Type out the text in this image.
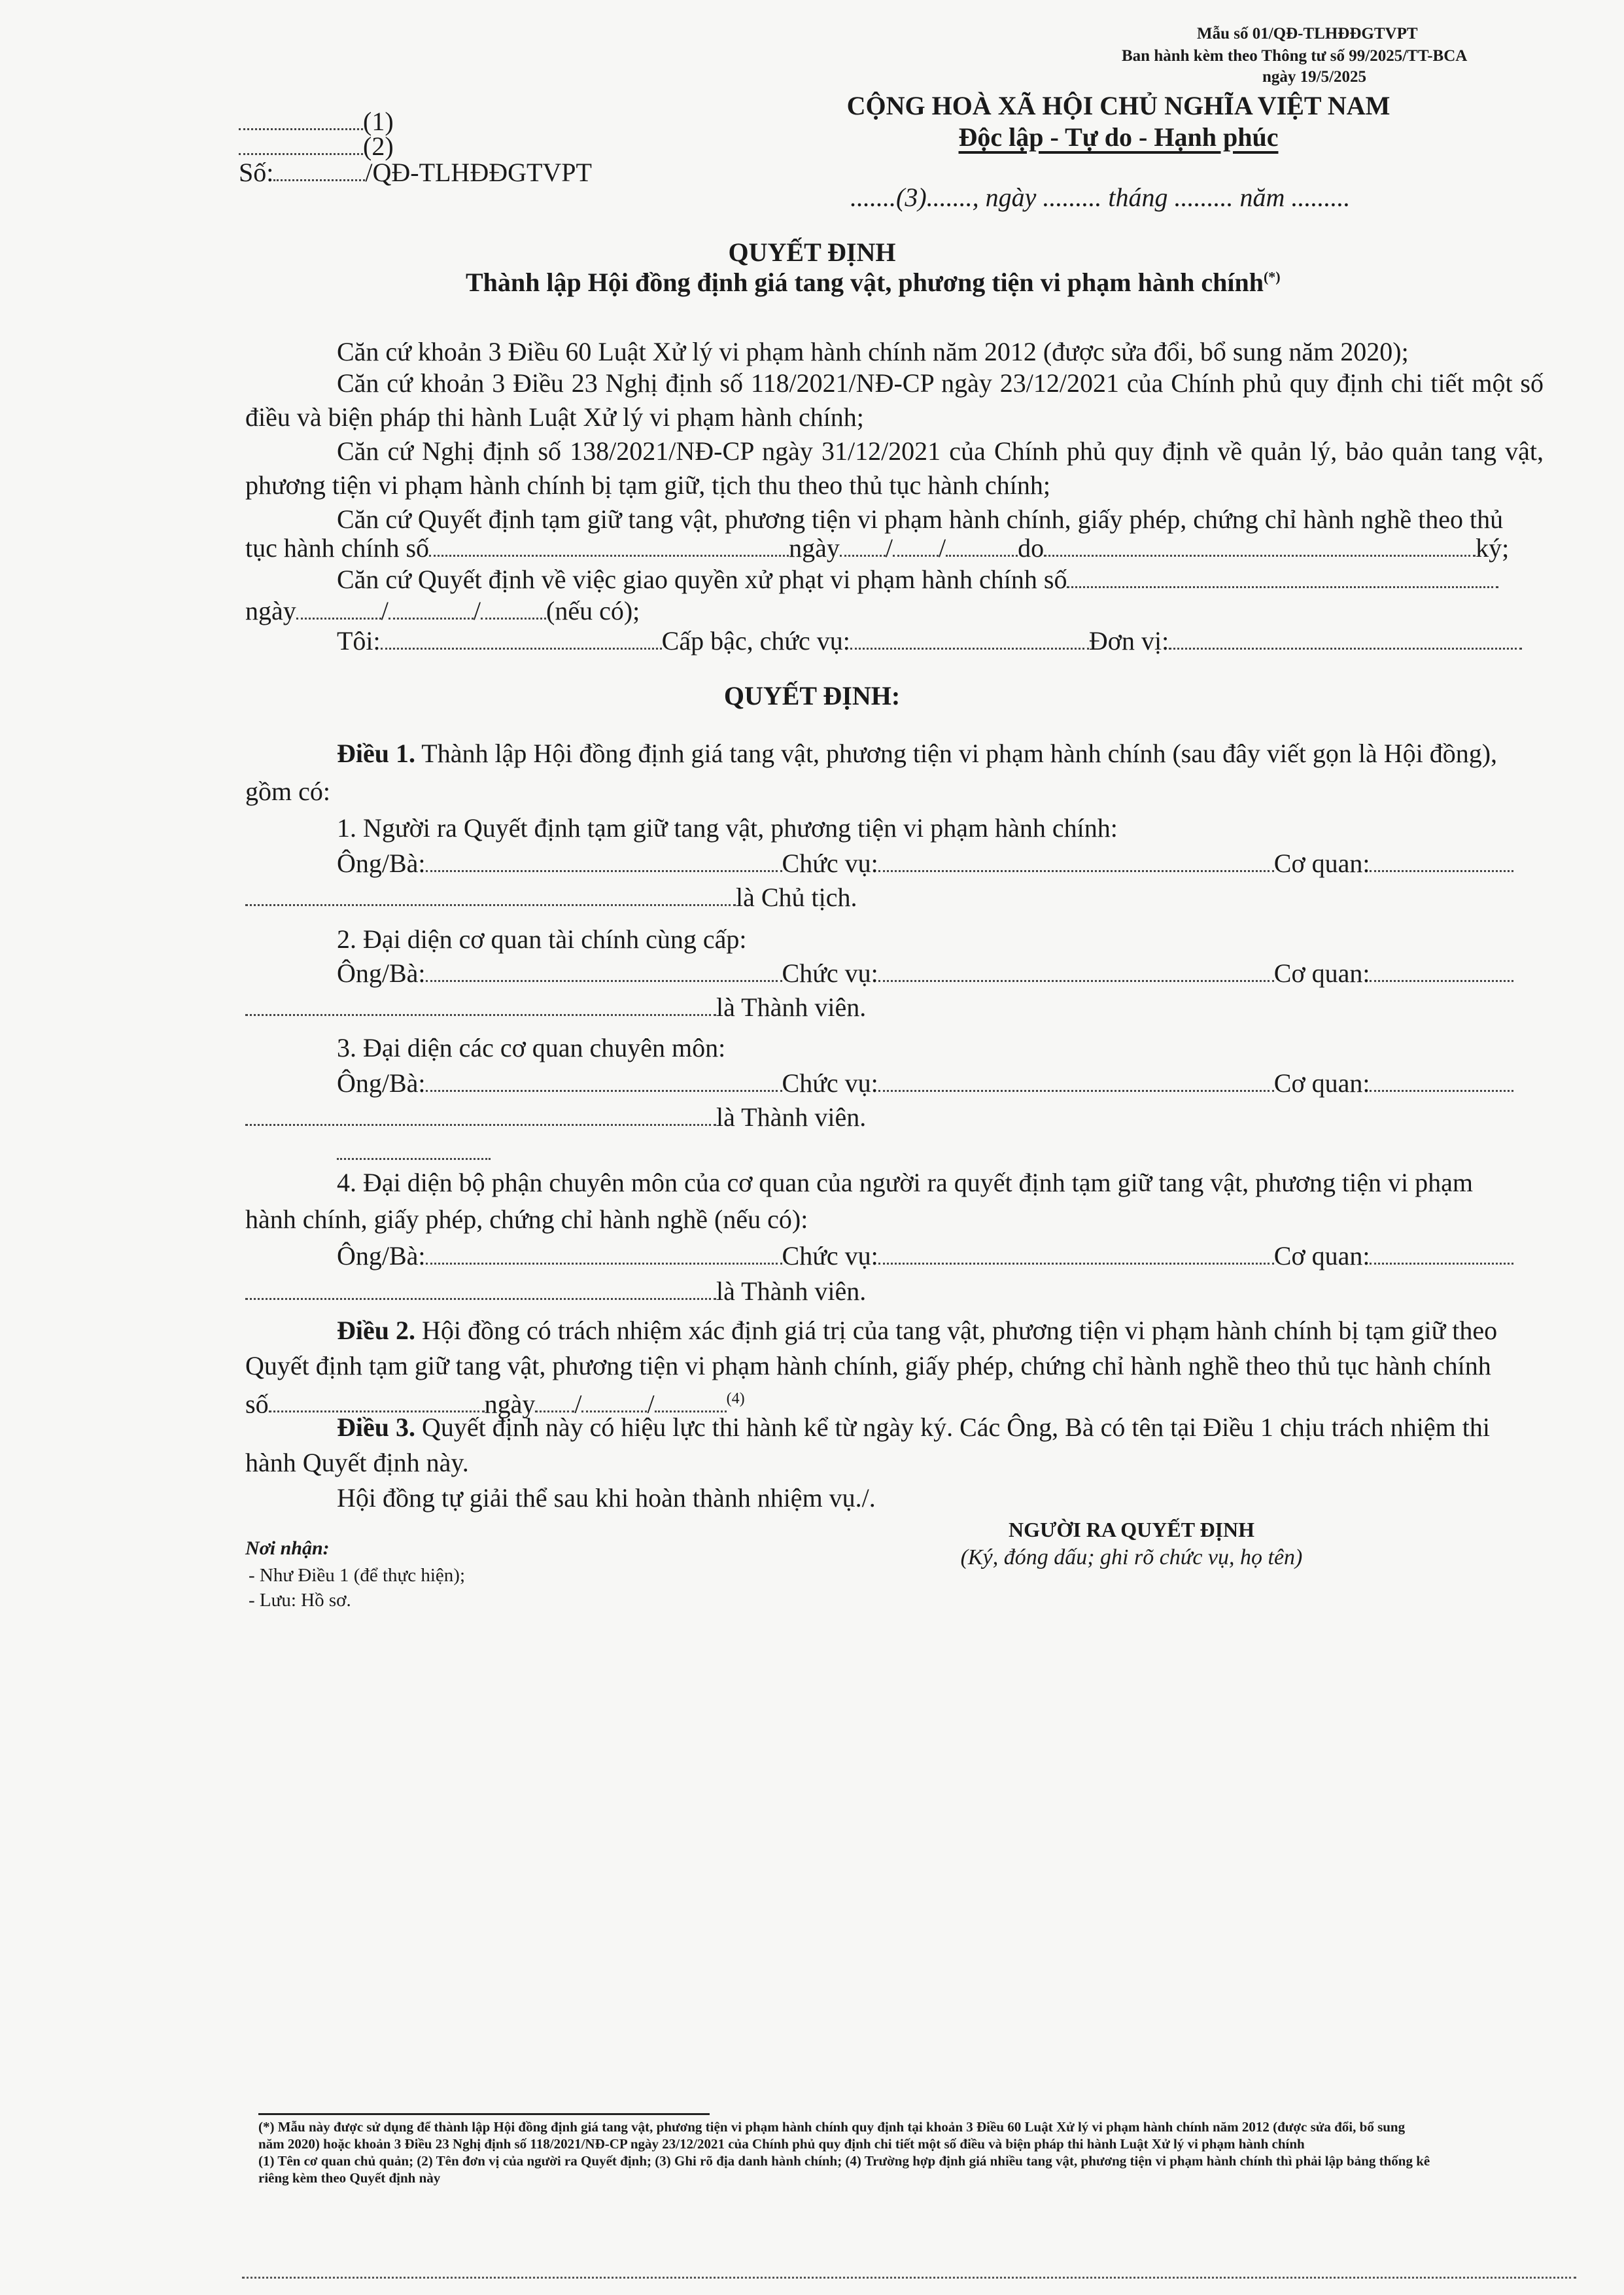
Mẫu số 01/QĐ-TLHĐĐGTVPT
Ban hành kèm theo Thông tư số 99/2025/TT-BCA
ngày 19/5/2025
(1)
(2)
Số:	/QĐ-TLHĐĐGTVPT
CỘNG HOÀ XÃ HỘI CHỦ NGHĨA VIỆT NAM
Độc lập - Tự do - Hạnh phúc
.......(3)......., ngày ......... tháng ......... năm .........
QUYẾT ĐỊNH
Thành lập Hội đồng định giá tang vật, phương tiện vi phạm hành chính(*)
Căn cứ khoản 3 Điều 60 Luật Xử lý vi phạm hành chính năm 2012 (được sửa đổi, bổ sung năm 2020);
Căn cứ khoản 3 Điều 23 Nghị định số 118/2021/NĐ-CP ngày 23/12/2021 của Chính phủ quy định chi tiết một số điều và biện pháp thi hành Luật Xử lý vi phạm hành chính;
Căn cứ Nghị định số 138/2021/NĐ-CP ngày 31/12/2021 của Chính phủ quy định về quản lý, bảo quản tang vật, phương tiện vi phạm hành chính bị tạm giữ, tịch thu theo thủ tục hành chính;
Căn cứ Quyết định tạm giữ tang vật, phương tiện vi phạm hành chính, giấy phép, chứng chỉ hành nghề theo thủ
tục hành chính số	ngày / /	do	ký;
Căn cứ Quyết định về việc giao quyền xử phạt vi phạm hành chính số
ngày	/	/	(nếu có);
Tôi:	Cấp bậc, chức vụ:	Đơn vị:
QUYẾT ĐỊNH:
Điều 1. Thành lập Hội đồng định giá tang vật, phương tiện vi phạm hành chính (sau đây viết gọn là Hội đồng),
gồm có:
1. Người ra Quyết định tạm giữ tang vật, phương tiện vi phạm hành chính:
Ông/Bà:	Chức vụ:	Cơ quan:
là Chủ tịch.
2. Đại diện cơ quan tài chính cùng cấp:
Ông/Bà:	Chức vụ:	Cơ quan:
là Thành viên.
3. Đại diện các cơ quan chuyên môn:
Ông/Bà:	Chức vụ:	Cơ quan:
là Thành viên.
4. Đại diện bộ phận chuyên môn của cơ quan của người ra quyết định tạm giữ tang vật, phương tiện vi phạm
hành chính, giấy phép, chứng chỉ hành nghề (nếu có):
Ông/Bà:	Chức vụ:	Cơ quan:
là Thành viên.
Điều 2. Hội đồng có trách nhiệm xác định giá trị của tang vật, phương tiện vi phạm hành chính bị tạm giữ theo
Quyết định tạm giữ tang vật, phương tiện vi phạm hành chính, giấy phép, chứng chỉ hành nghề theo thủ tục hành chính
số	ngày /	/	$^{(4)}$
Điều 3. Quyết định này có hiệu lực thi hành kể từ ngày ký. Các Ông, Bà có tên tại Điều 1 chịu trách nhiệm thi
hành Quyết định này.
Hội đồng tự giải thể sau khi hoàn thành nhiệm vụ./.
Nơi nhận:
- Như Điều 1 (để thực hiện);
- Lưu: Hồ sơ.
NGƯỜI RA QUYẾT ĐỊNH
(Ký, đóng dấu; ghi rõ chức vụ, họ tên)
(*) Mẫu này được sử dụng để thành lập Hội đồng định giá tang vật, phương tiện vi phạm hành chính quy định tại khoản 3 Điều 60 Luật Xử lý vi phạm hành chính năm 2012 (được sửa đổi, bổ sung
năm 2020) hoặc khoản 3 Điều 23 Nghị định số 118/2021/NĐ-CP ngày 23/12/2021 của Chính phủ quy định chi tiết một số điều và biện pháp thi hành Luật Xử lý vi phạm hành chính
(1) Tên cơ quan chủ quản; (2) Tên đơn vị của người ra Quyết định; (3) Ghi rõ địa danh hành chính; (4) Trường hợp định giá nhiều tang vật, phương tiện vi phạm hành chính thì phải lập bảng thống kê
riêng kèm theo Quyết định này
